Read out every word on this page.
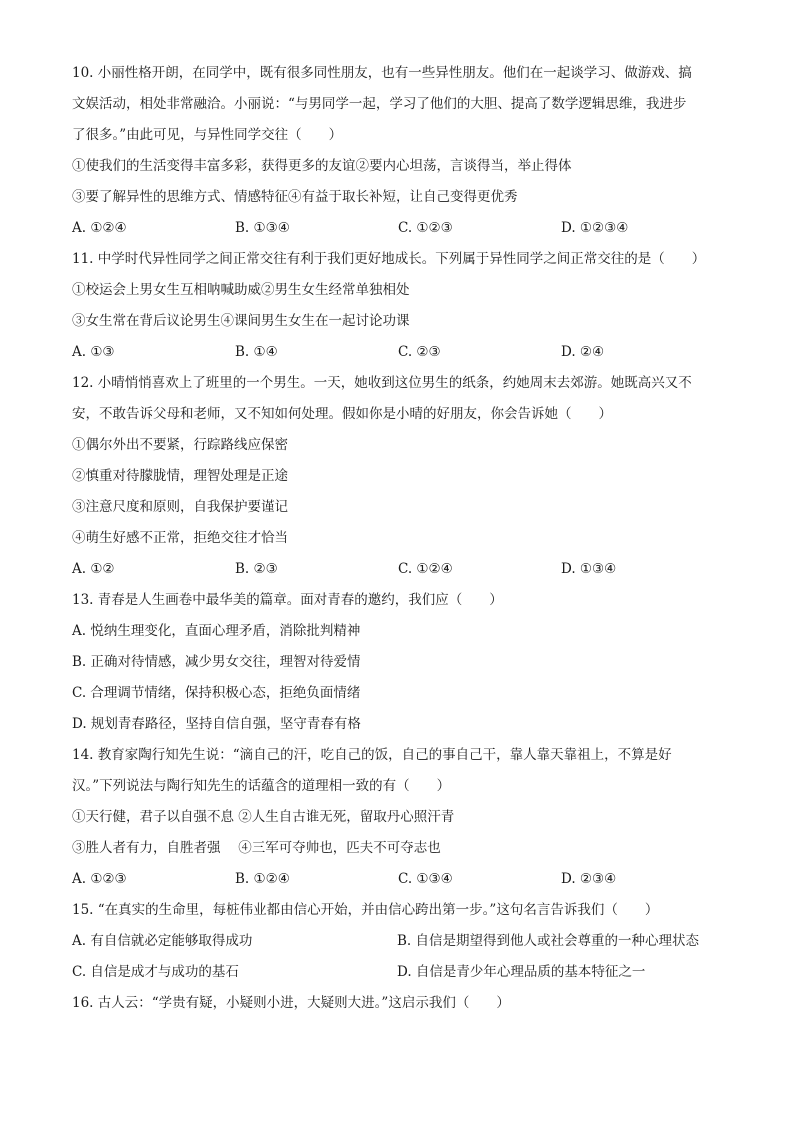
10. 小丽性格开朗，在同学中，既有很多同性朋友，也有一些异性朋友。他们在一起谈学习、做游戏、搞
文娱活动，相处非常融洽。小丽说：“与男同学一起，学习了他们的大胆、提高了数学逻辑思维，我进步
了很多。”由此可见，与异性同学交往（　　）
①使我们的生活变得丰富多彩，获得更多的友谊②要内心坦荡，言谈得当，举止得体
③要了解异性的思维方式、情感特征④有益于取长补短，让自己变得更优秀
A. ①②④	B. ①③④	C. ①②③	D. ①②③④
11. 中学时代异性同学之间正常交往有利于我们更好地成长。下列属于异性同学之间正常交往的是（　　）
①校运会上男女生互相呐喊助威②男生女生经常单独相处
③女生常在背后议论男生④课间男生女生在一起讨论功课
A. ①③	B. ①④	C. ②③	D. ②④
12. 小晴悄悄喜欢上了班里的一个男生。一天，她收到这位男生的纸条，约她周末去郊游。她既高兴又不
安，不敢告诉父母和老师，又不知如何处理。假如你是小晴的好朋友，你会告诉她（　　）
①偶尔外出不要紧，行踪路线应保密
②慎重对待朦胧情，理智处理是正途
③注意尺度和原则，自我保护要谨记
④萌生好感不正常，拒绝交往才恰当
A. ①②	B. ②③	C. ①②④	D. ①③④
13. 青春是人生画卷中最华美的篇章。面对青春的邀约，我们应（　　）
A. 悦纳生理变化，直面心理矛盾，消除批判精神
B. 正确对待情感，减少男女交往，理智对待爱情
C. 合理调节情绪，保持积极心态，拒绝负面情绪
D. 规划青春路径，坚持自信自强，坚守青春有格
14. 教育家陶行知先生说：“滴自己的汗，吃自己的饭，自己的事自己干，靠人靠天靠祖上，不算是好
汉。”下列说法与陶行知先生的话蕴含的道理相一致的有（　　）
①天行健，君子以自强不息 ②人生自古谁无死，留取丹心照汗青
③胜人者有力，自胜者强　 ④三军可夺帅也，匹夫不可夺志也
A. ①②③	B. ①②④	C. ①③④	D. ②③④
15. “在真实的生命里，每桩伟业都由信心开始，并由信心跨出第一步。”这句名言告诉我们（　　）
A. 有自信就必定能够取得成功	B. 自信是期望得到他人或社会尊重的一种心理状态
C. 自信是成才与成功的基石	D. 自信是青少年心理品质的基本特征之一
16. 古人云：“学贵有疑，小疑则小进，大疑则大进。”这启示我们（　　）
